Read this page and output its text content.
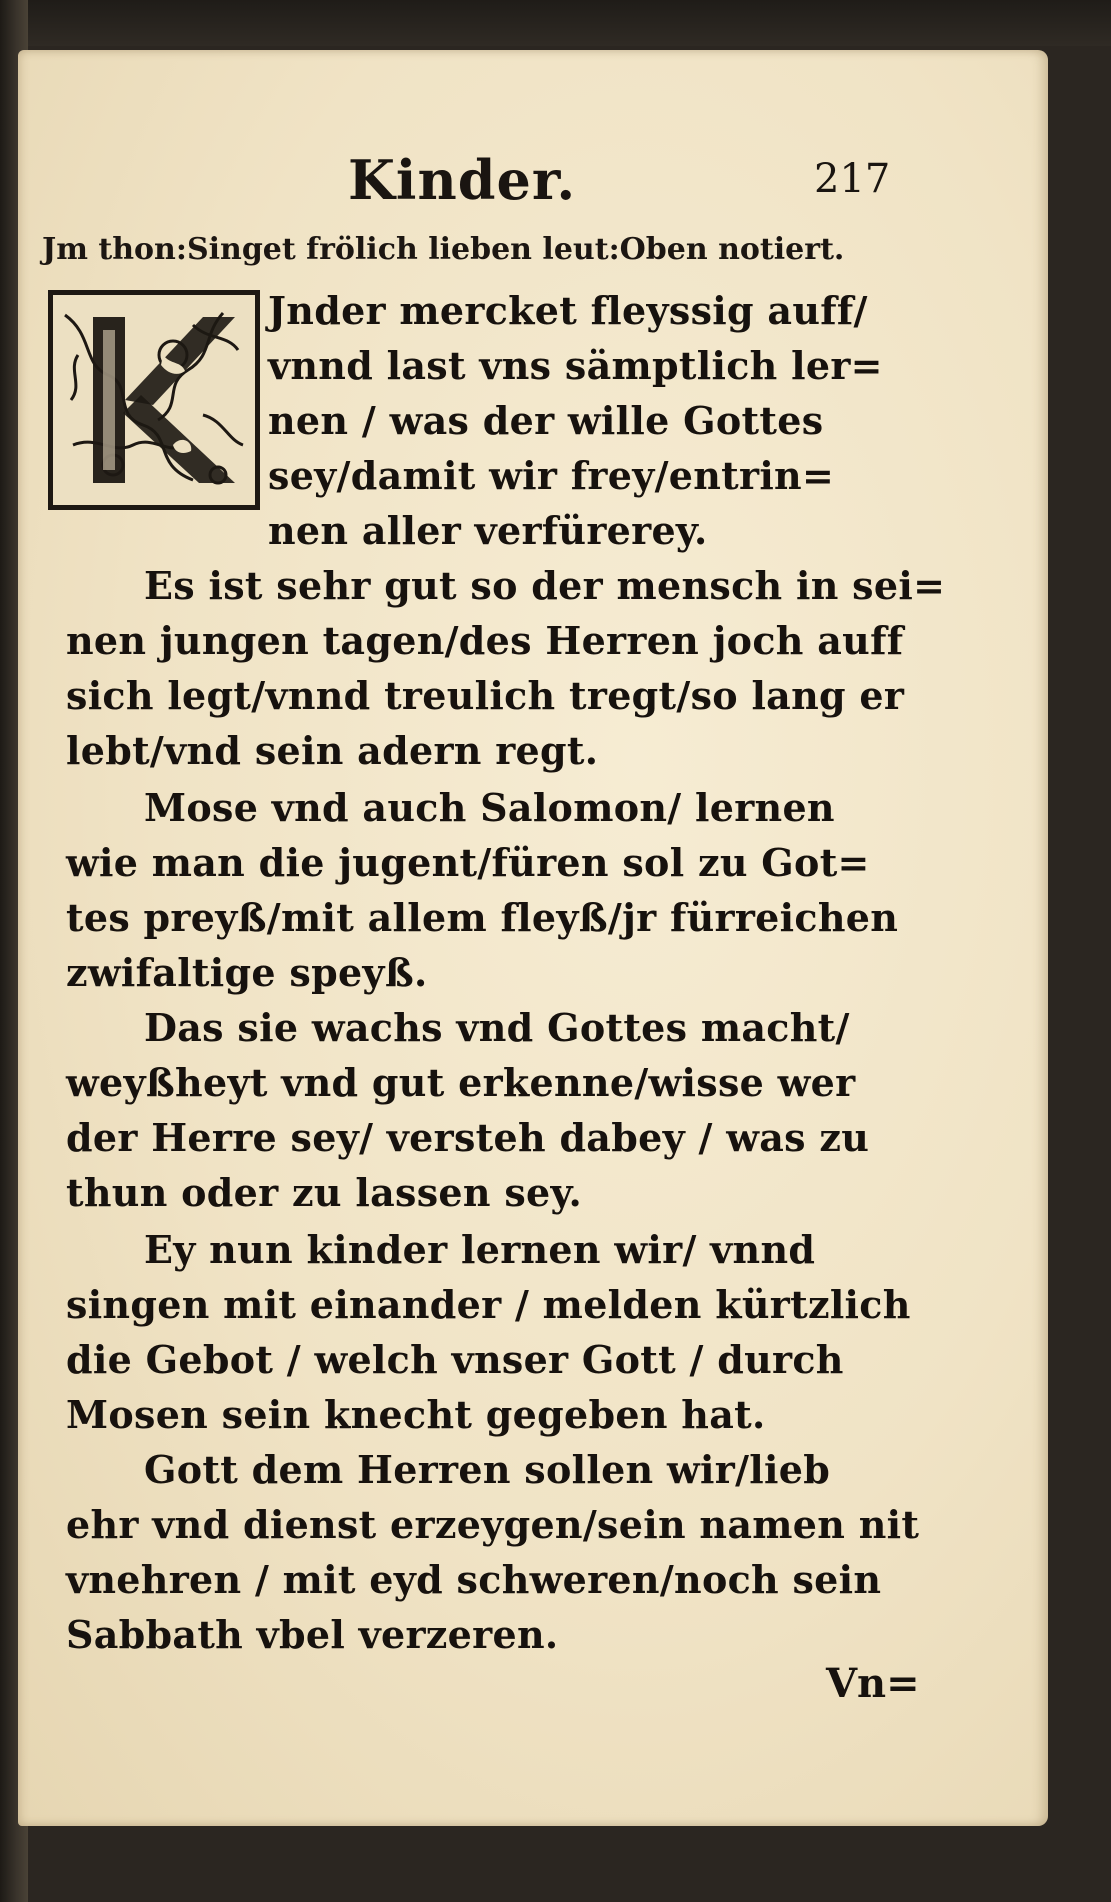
Kinder.	217
Jm thon:Singet frölich lieben leut:Oben notiert.
Jnder mercket fleyssig auff/
vnnd last vns sämptlich ler=
nen / was der wille Gottes
sey/damit wir frey/entrin=
nen aller verfürerey.
Es ist sehr gut so der mensch in sei=
nen jungen tagen/des Herren joch auff
sich legt/vnnd treulich tregt/so lang er
lebt/vnd sein adern regt.
Mose vnd auch Salomon/ lernen
wie man die jugent/füren sol zu Got=
tes preyß/mit allem fleyß/jr fürreichen
zwifaltige speyß.
Das sie wachs vnd Gottes macht/
weyßheyt vnd gut erkenne/wisse wer
der Herre sey/ versteh dabey / was zu
thun oder zu lassen sey.
Ey nun kinder lernen wir/ vnnd
singen mit einander / melden kürtzlich
die Gebot / welch vnser Gott / durch
Mosen sein knecht gegeben hat.
Gott dem Herren sollen wir/lieb
ehr vnd dienst erzeygen/sein namen nit
vnehren / mit eyd schweren/noch sein
Sabbath vbel verzeren.
Vn=
